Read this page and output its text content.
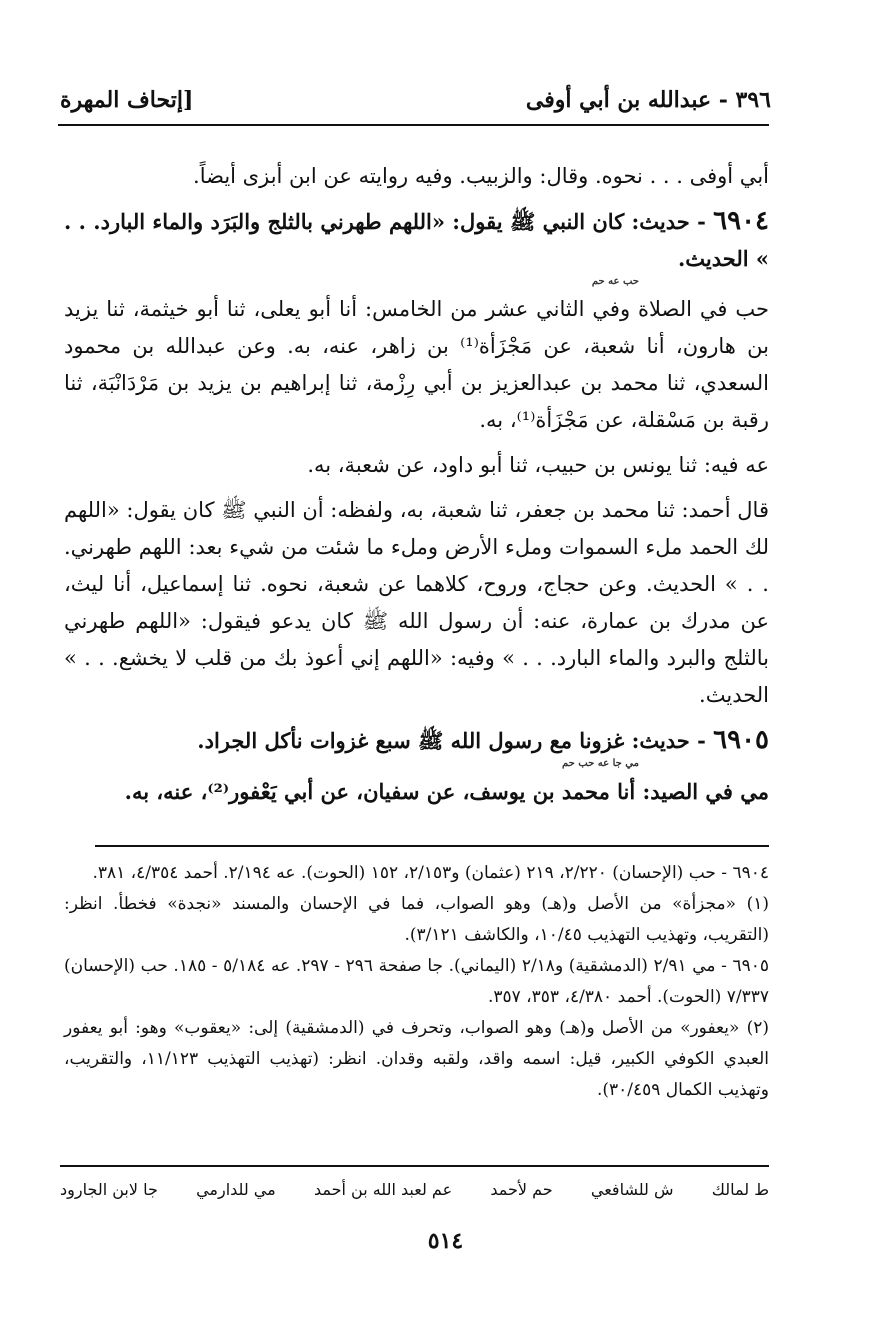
٣٩٦ - عبدالله بن أبي أوفى
[إتحاف المهرة

أبي أوفى . . . نحوه. وقال: والزبيب. وفيه روايته عن ابن أبزى أيضاً.

٦٩٠٤ - حديث: كان النبي ﷺ يقول: «اللهم طهرني بالثلج والبَرَد والماء البارد. . . » الحديث.
حب عه حم

حب في الصلاة وفي الثاني عشر من الخامس: أنا أبو يعلى، ثنا أبو خيثمة، ثنا يزيد بن هارون، أنا شعبة، عن مَجْزَأة⁽¹⁾ بن زاهر، عنه، به. وعن عبدالله بن محمود السعدي، ثنا محمد بن عبدالعزيز بن أبي رِزْمة، ثنا إبراهيم بن يزيد بن مَرْدَانْبَة، ثنا رقبة بن مَسْقلة، عن مَجْزَأة⁽¹⁾، به.

عه فيه: ثنا يونس بن حبيب، ثنا أبو داود، عن شعبة، به.

قال أحمد: ثنا محمد بن جعفر، ثنا شعبة، به، ولفظه: أن النبي ﷺ كان يقول: «اللهم لك الحمد ملء السموات وملء الأرض وملء ما شئت من شيء بعد: اللهم طهرني. . . » الحديث. وعن حجاج، وروح، كلاهما عن شعبة، نحوه. ثنا إسماعيل، أنا ليث، عن مدرك بن عمارة، عنه: أن رسول الله ﷺ كان يدعو فيقول: «اللهم طهرني بالثلج والبرد والماء البارد. . . » وفيه: «اللهم إني أعوذ بك من قلب لا يخشع. . . » الحديث.

٦٩٠٥ - حديث: غزونا مع رسول الله ﷺ سبع غزوات نأكل الجراد.
مي جا عه حب حم

مي في الصيد: أنا محمد بن يوسف، عن سفيان، عن أبي يَعْفور⁽²⁾، عنه، به.

٦٩٠٤ - حب (الإحسان) ٢/٢٢٠، ٢١٩ (عثمان) و٢/١٥٣، ١٥٢ (الحوت). عه ٢/١٩٤. أحمد ٤/٣٥٤، ٣٨١.

(١) «مجزأة» من الأصل و(هـ) وهو الصواب، فما في الإحسان والمسند «نجدة» فخطأ. انظر: (التقريب، وتهذيب التهذيب ١٠/٤٥، والكاشف ٣/١٢١).

٦٩٠٥ - مي ٢/٩١ (الدمشقية) و٢/١٨ (اليماني). جا صفحة ٢٩٦ - ٢٩٧. عه ٥/١٨٤ - ١٨٥. حب (الإحسان) ٧/٣٣٧ (الحوت). أحمد ٤/٣٨٠، ٣٥٣، ٣٥٧.

(٢) «يعفور» من الأصل و(هـ) وهو الصواب، وتحرف في (الدمشقية) إلى: «يعقوب» وهو: أبو يعفور العبدي الكوفي الكبير، قيل: اسمه واقد، ولقبه وقدان. انظر: (تهذيب التهذيب ١١/١٢٣، والتقريب، وتهذيب الكمال ٣٠/٤٥٩).

ط لمالك
ش للشافعي
حم لأحمد
عم لعبد الله بن أحمد
مي للدارمي
جا لابن الجارود
٥١٤
